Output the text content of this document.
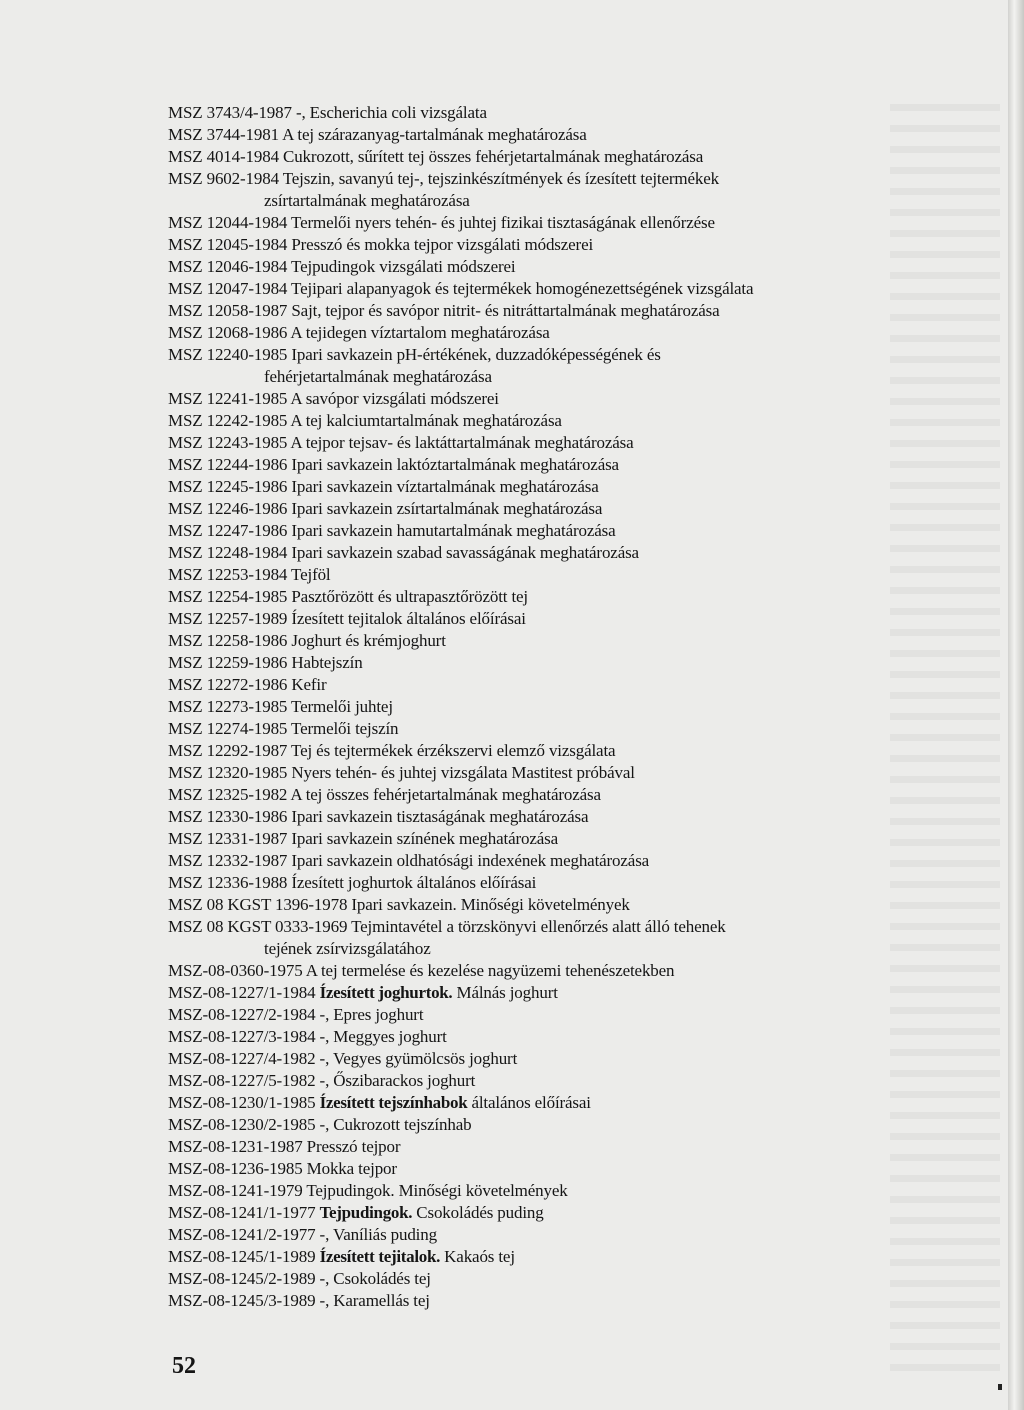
MSZ 3743/4-1987 -, Escherichia coli vizsgálata
MSZ 3744-1981 A tej szárazanyag-tartalmának meghatározása
MSZ 4014-1984 Cukrozott, sűrített tej összes fehérjetartalmának meghatározása
MSZ 9602-1984 Tejszin, savanyú tej-, tejszinkészítmények és ízesített tejtermékek
zsírtartalmának meghatározása
MSZ 12044-1984 Termelői nyers tehén- és juhtej fizikai tisztaságának ellenőrzése
MSZ 12045-1984 Presszó és mokka tejpor vizsgálati módszerei
MSZ 12046-1984 Tejpudingok vizsgálati módszerei
MSZ 12047-1984 Tejipari alapanyagok és tejtermékek homogénezettségének vizsgálata
MSZ 12058-1987 Sajt, tejpor és savópor nitrit- és nitráttartalmának meghatározása
MSZ 12068-1986 A tejidegen víztartalom meghatározása
MSZ 12240-1985 Ipari savkazein pH-értékének, duzzadóképességének és
fehérjetartalmának meghatározása
MSZ 12241-1985 A savópor vizsgálati módszerei
MSZ 12242-1985 A tej kalciumtartalmának meghatározása
MSZ 12243-1985 A tejpor tejsav- és laktáttartalmának meghatározása
MSZ 12244-1986 Ipari savkazein laktóztartalmának meghatározása
MSZ 12245-1986 Ipari savkazein víztartalmának meghatározása
MSZ 12246-1986 Ipari savkazein zsírtartalmának meghatározása
MSZ 12247-1986 Ipari savkazein hamutartalmának meghatározása
MSZ 12248-1984 Ipari savkazein szabad savasságának meghatározása
MSZ 12253-1984 Tejföl
MSZ 12254-1985 Pasztőrözött és ultrapasztőrözött tej
MSZ 12257-1989 Ízesített tejitalok általános előírásai
MSZ 12258-1986 Joghurt és krémjoghurt
MSZ 12259-1986 Habtejszín
MSZ 12272-1986 Kefir
MSZ 12273-1985 Termelői juhtej
MSZ 12274-1985 Termelői tejszín
MSZ 12292-1987 Tej és tejtermékek érzékszervi elemző vizsgálata
MSZ 12320-1985 Nyers tehén- és juhtej vizsgálata Mastitest próbával
MSZ 12325-1982 A tej összes fehérjetartalmának meghatározása
MSZ 12330-1986 Ipari savkazein tisztaságának meghatározása
MSZ 12331-1987 Ipari savkazein színének meghatározása
MSZ 12332-1987 Ipari savkazein oldhatósági indexének meghatározása
MSZ 12336-1988 Ízesített joghurtok általános előírásai
MSZ 08 KGST 1396-1978 Ipari savkazein. Minőségi követelmények
MSZ 08 KGST 0333-1969 Tejmintavétel a törzskönyvi ellenőrzés alatt álló tehenek
tejének zsírvizsgálatához
MSZ-08-0360-1975 A tej termelése és kezelése nagyüzemi tehenészetekben
MSZ-08-1227/1-1984 Ízesített joghurtok. Málnás joghurt
MSZ-08-1227/2-1984 -, Epres joghurt
MSZ-08-1227/3-1984 -, Meggyes joghurt
MSZ-08-1227/4-1982 -, Vegyes gyümölcsös joghurt
MSZ-08-1227/5-1982 -, Őszibarackos joghurt
MSZ-08-1230/1-1985 Ízesített tejszínhabok általános előírásai
MSZ-08-1230/2-1985 -, Cukrozott tejszínhab
MSZ-08-1231-1987 Presszó tejpor
MSZ-08-1236-1985 Mokka tejpor
MSZ-08-1241-1979 Tejpudingok. Minőségi követelmények
MSZ-08-1241/1-1977 Tejpudingok. Csokoládés puding
MSZ-08-1241/2-1977 -, Vaníliás puding
MSZ-08-1245/1-1989 Ízesített tejitalok. Kakaós tej
MSZ-08-1245/2-1989 -, Csokoládés tej
MSZ-08-1245/3-1989 -, Karamellás tej
52
